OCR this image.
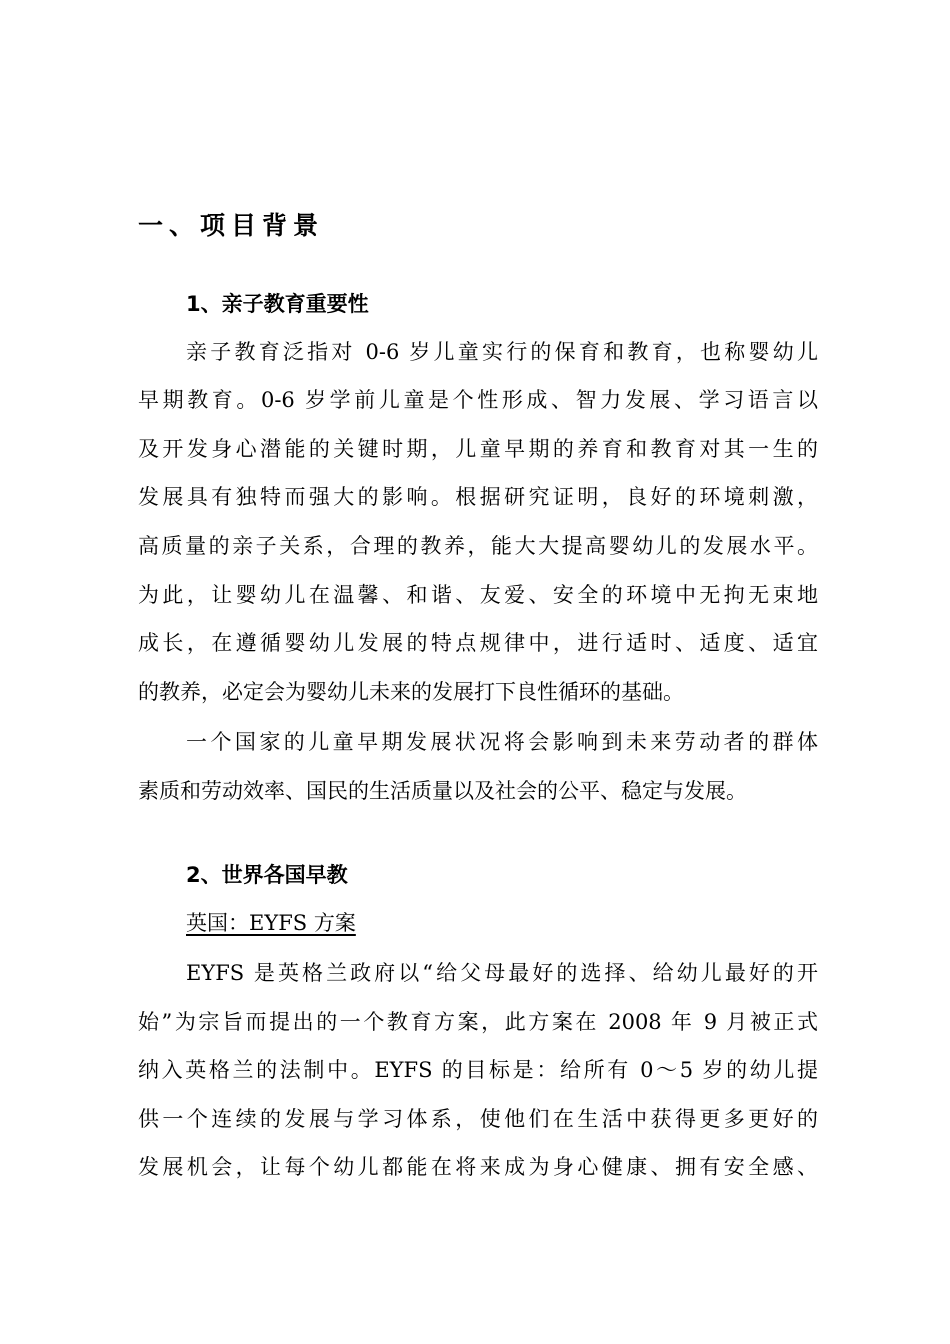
一、项目背景
1、亲子教育重要性
亲子教育泛指对 0-6 岁儿童实行的保育和教育，也称婴幼儿
早期教育。0-6 岁学前儿童是个性形成、智力发展、学习语言以
及开发身心潜能的关键时期，儿童早期的养育和教育对其一生的
发展具有独特而强大的影响。根据研究证明，良好的环境刺激，
高质量的亲子关系，合理的教养，能大大提高婴幼儿的发展水平。
为此，让婴幼儿在温馨、和谐、友爱、安全的环境中无拘无束地
成长，在遵循婴幼儿发展的特点规律中，进行适时、适度、适宜
的教养，必定会为婴幼儿未来的发展打下良性循环的基础。
一个国家的儿童早期发展状况将会影响到未来劳动者的群体
素质和劳动效率、国民的生活质量以及社会的公平、稳定与发展。
2、世界各国早教
英国：EYFS 方案
EYFS 是英格兰政府以“给父母最好的选择、给幼儿最好的开
始”为宗旨而提出的一个教育方案，此方案在 2008 年 9 月被正式
纳入英格兰的法制中。EYFS 的目标是：给所有 0～5 岁的幼儿提
供一个连续的发展与学习体系，使他们在生活中获得更多更好的
发展机会，让每个幼儿都能在将来成为身心健康、拥有安全感、
